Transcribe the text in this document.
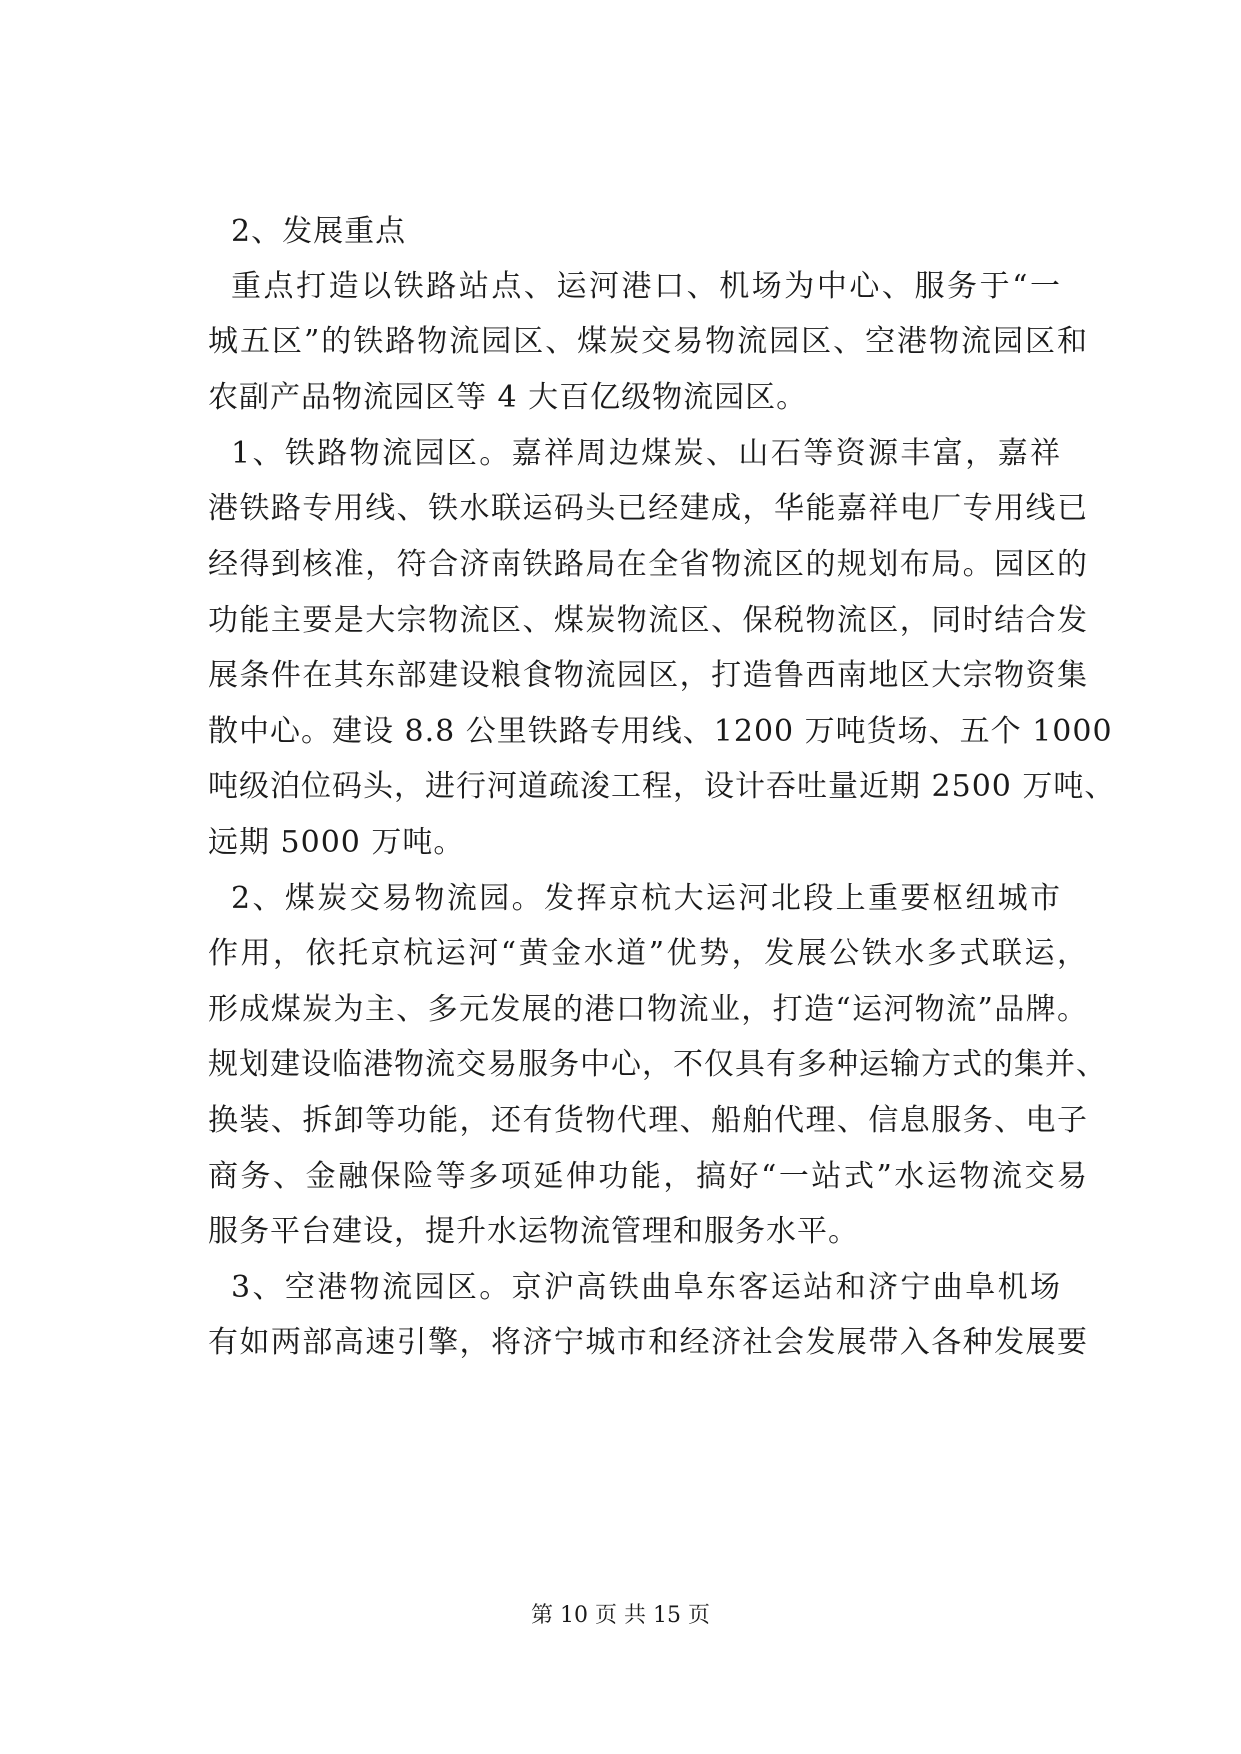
2、发展重点
重点打造以铁路站点、运河港口、机场为中心、服务于“一
城五区”的铁路物流园区、煤炭交易物流园区、空港物流园区和
农副产品物流园区等 4 大百亿级物流园区。
1、铁路物流园区。嘉祥周边煤炭、山石等资源丰富，嘉祥
港铁路专用线、铁水联运码头已经建成，华能嘉祥电厂专用线已
经得到核准，符合济南铁路局在全省物流区的规划布局。园区的
功能主要是大宗物流区、煤炭物流区、保税物流区，同时结合发
展条件在其东部建设粮食物流园区，打造鲁西南地区大宗物资集
散中心。建设 8.8 公里铁路专用线、1200 万吨货场、五个 1000
吨级泊位码头，进行河道疏浚工程，设计吞吐量近期 2500 万吨、
远期 5000 万吨。
2、煤炭交易物流园。发挥京杭大运河北段上重要枢纽城市
作用，依托京杭运河“黄金水道”优势，发展公铁水多式联运，
形成煤炭为主、多元发展的港口物流业，打造“运河物流”品牌。
规划建设临港物流交易服务中心，不仅具有多种运输方式的集并、
换装、拆卸等功能，还有货物代理、船舶代理、信息服务、电子
商务、金融保险等多项延伸功能，搞好“一站式”水运物流交易
服务平台建设，提升水运物流管理和服务水平。
3、空港物流园区。京沪高铁曲阜东客运站和济宁曲阜机场
有如两部高速引擎，将济宁城市和经济社会发展带入各种发展要
第 10 页 共 15 页
